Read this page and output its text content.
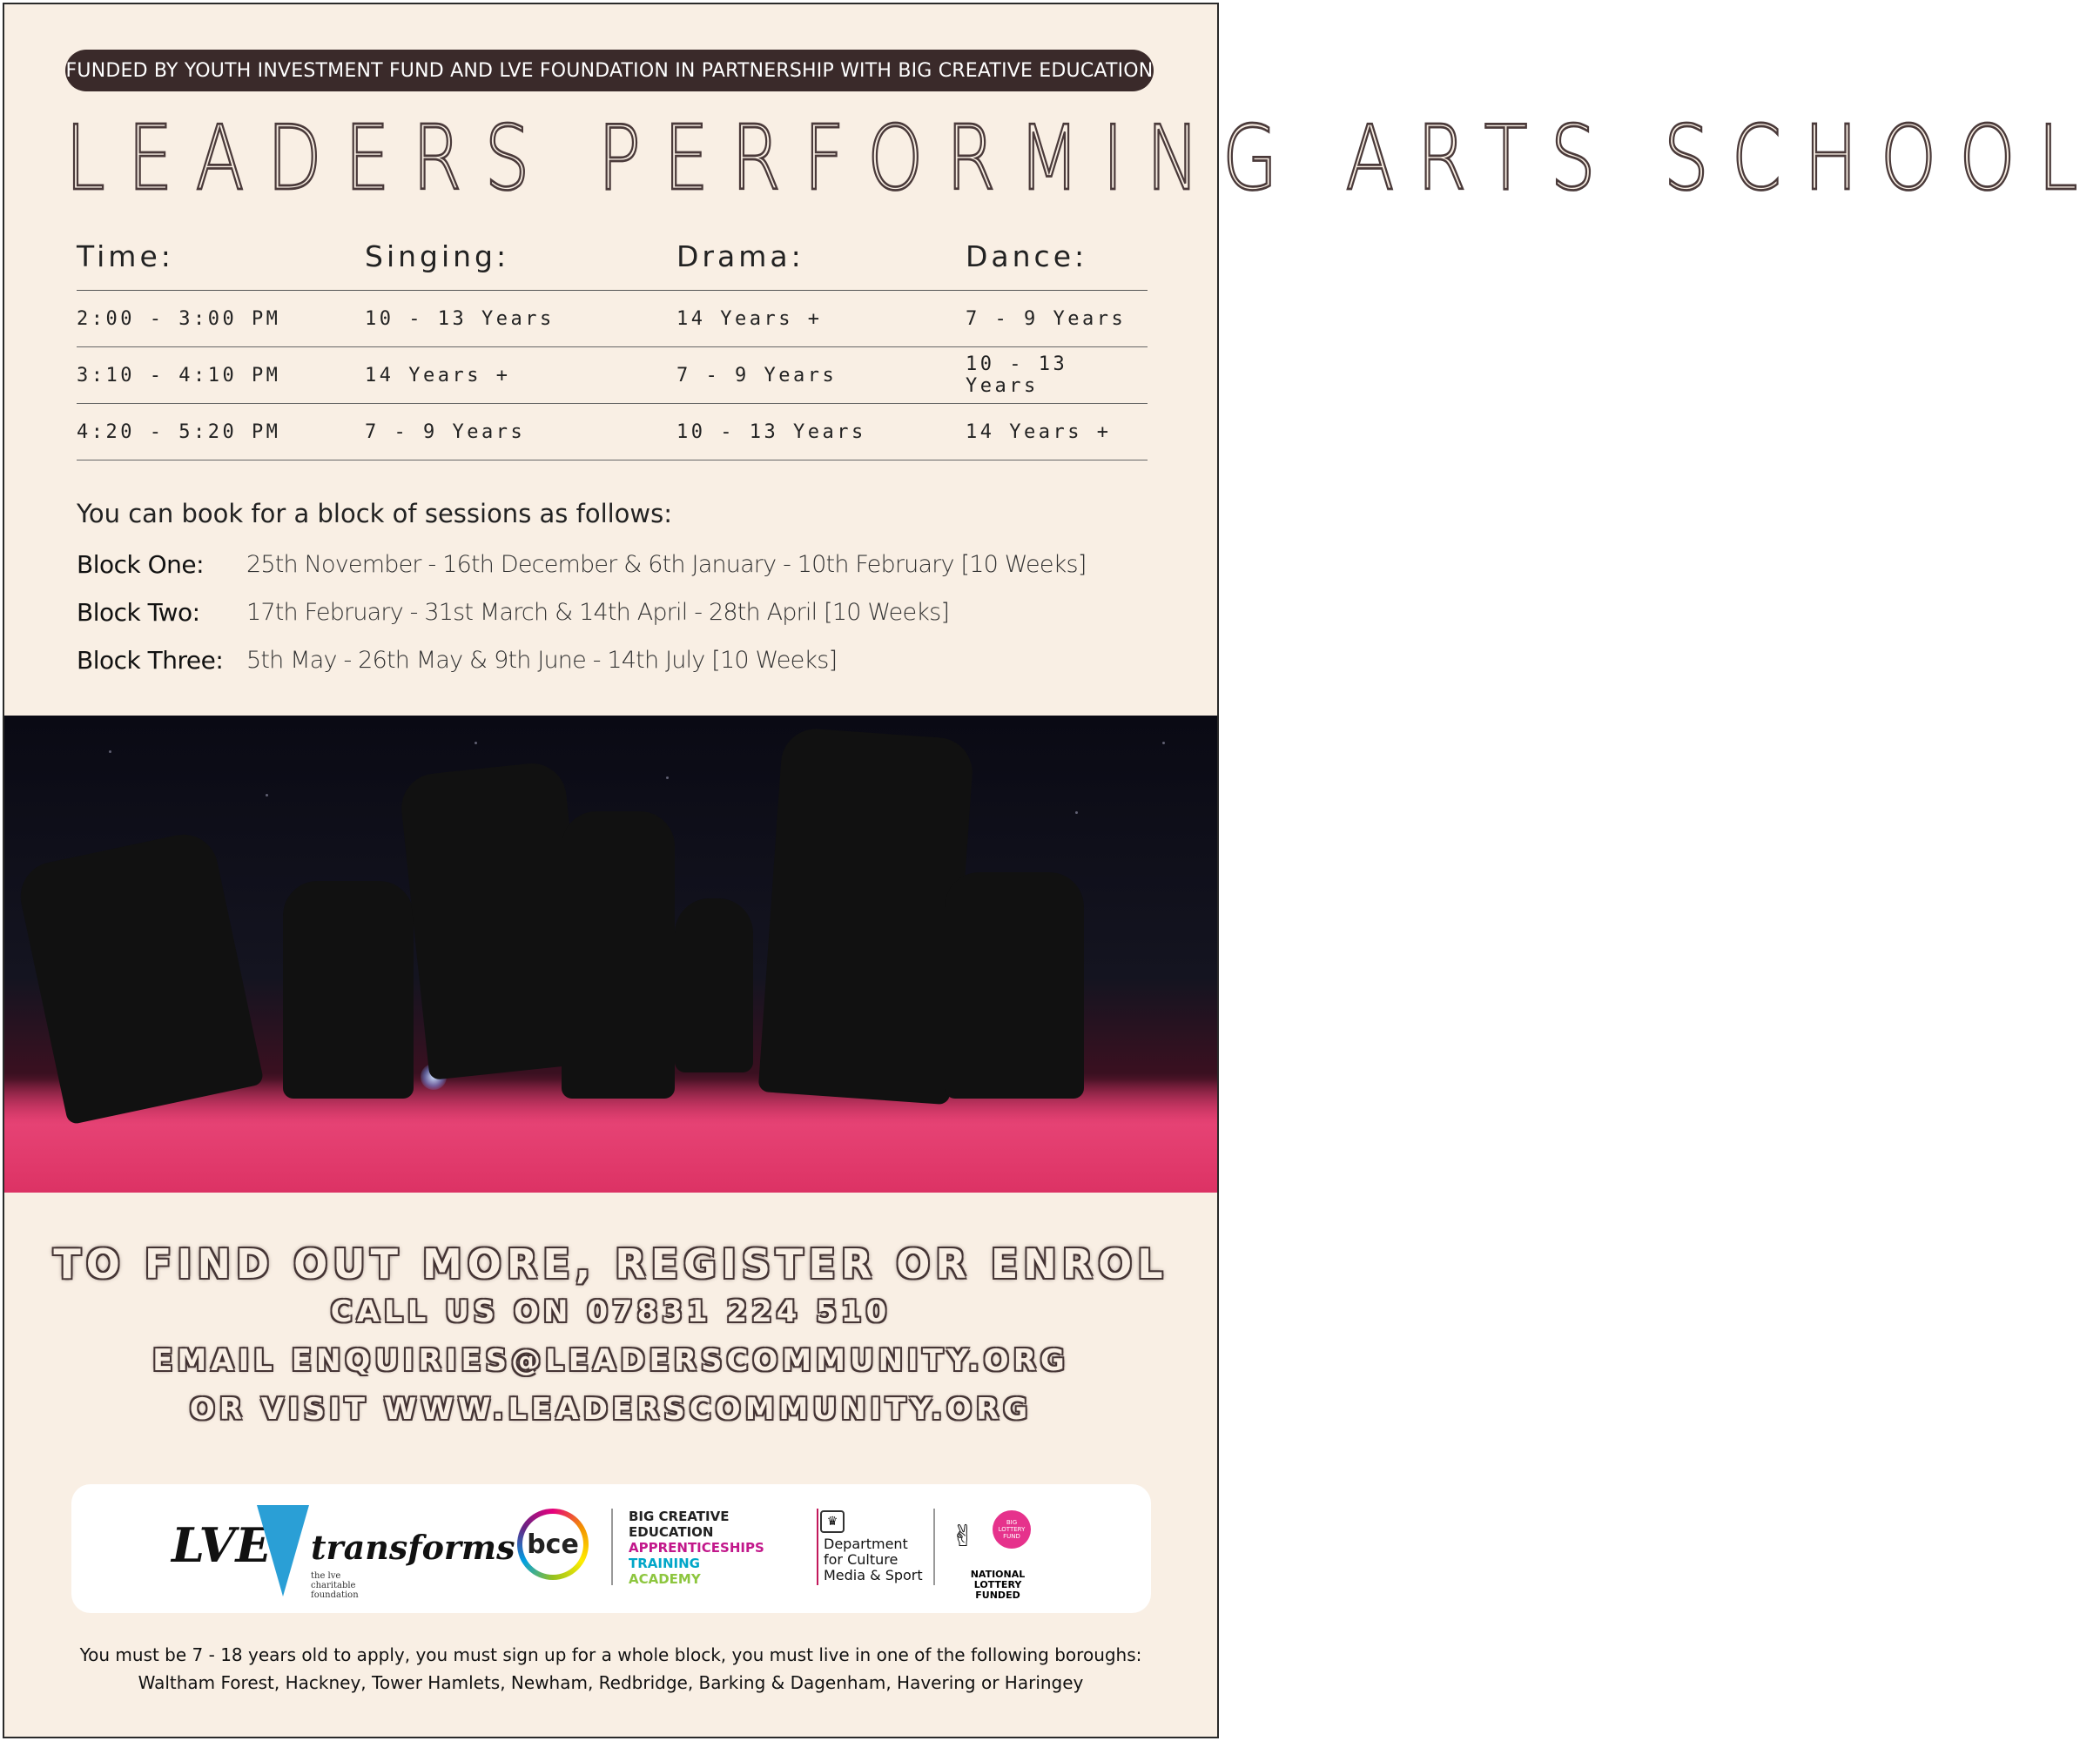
FUNDED BY YOUTH INVESTMENT FUND AND LVE FOUNDATION IN PARTNERSHIP WITH BIG CREATIVE EDUCATION
LEADERS PERFORMING ARTS SCHOOL
Time:	Singing:	Drama:	Dance:
2:00 - 3:00 PM	10 - 13 Years	14 Years +	7 - 9 Years
3:10 - 4:10 PM	14 Years +	7 - 9 Years	10 - 13 Years
4:20 - 5:20 PM	7 - 9 Years	10 - 13 Years	14 Years +
You can book for a block of sessions as follows:
Block One:	25th November - 16th December & 6th January - 10th February [10 Weeks]
Block Two:	17th February - 31st March & 14th April - 28th April [10 Weeks]
Block Three: 5th May - 26th May & 9th June - 14th July [10 Weeks]
TO FIND OUT MORE, REGISTER OR ENROL
CALL US ON 07831 224 510
EMAIL ENQUIRIES@LEADERSCOMMUNITY.ORG
OR VISIT WWW.LEADERSCOMMUNITY.ORG
LVE transforms
the lve
charitable
foundation
bce
BIG CREATIVE
EDUCATION
APPRENTICESHIPS
TRAINING
ACADEMY
♛
Department
for Culture
Media & Sport
✌	BIG LOTTERY FUND
NATIONAL
LOTTERY FUNDED
You must be 7 - 18 years old to apply, you must sign up for a whole block, you must live in one of the following boroughs:
Waltham Forest, Hackney, Tower Hamlets, Newham, Redbridge, Barking & Dagenham, Havering or Haringey
